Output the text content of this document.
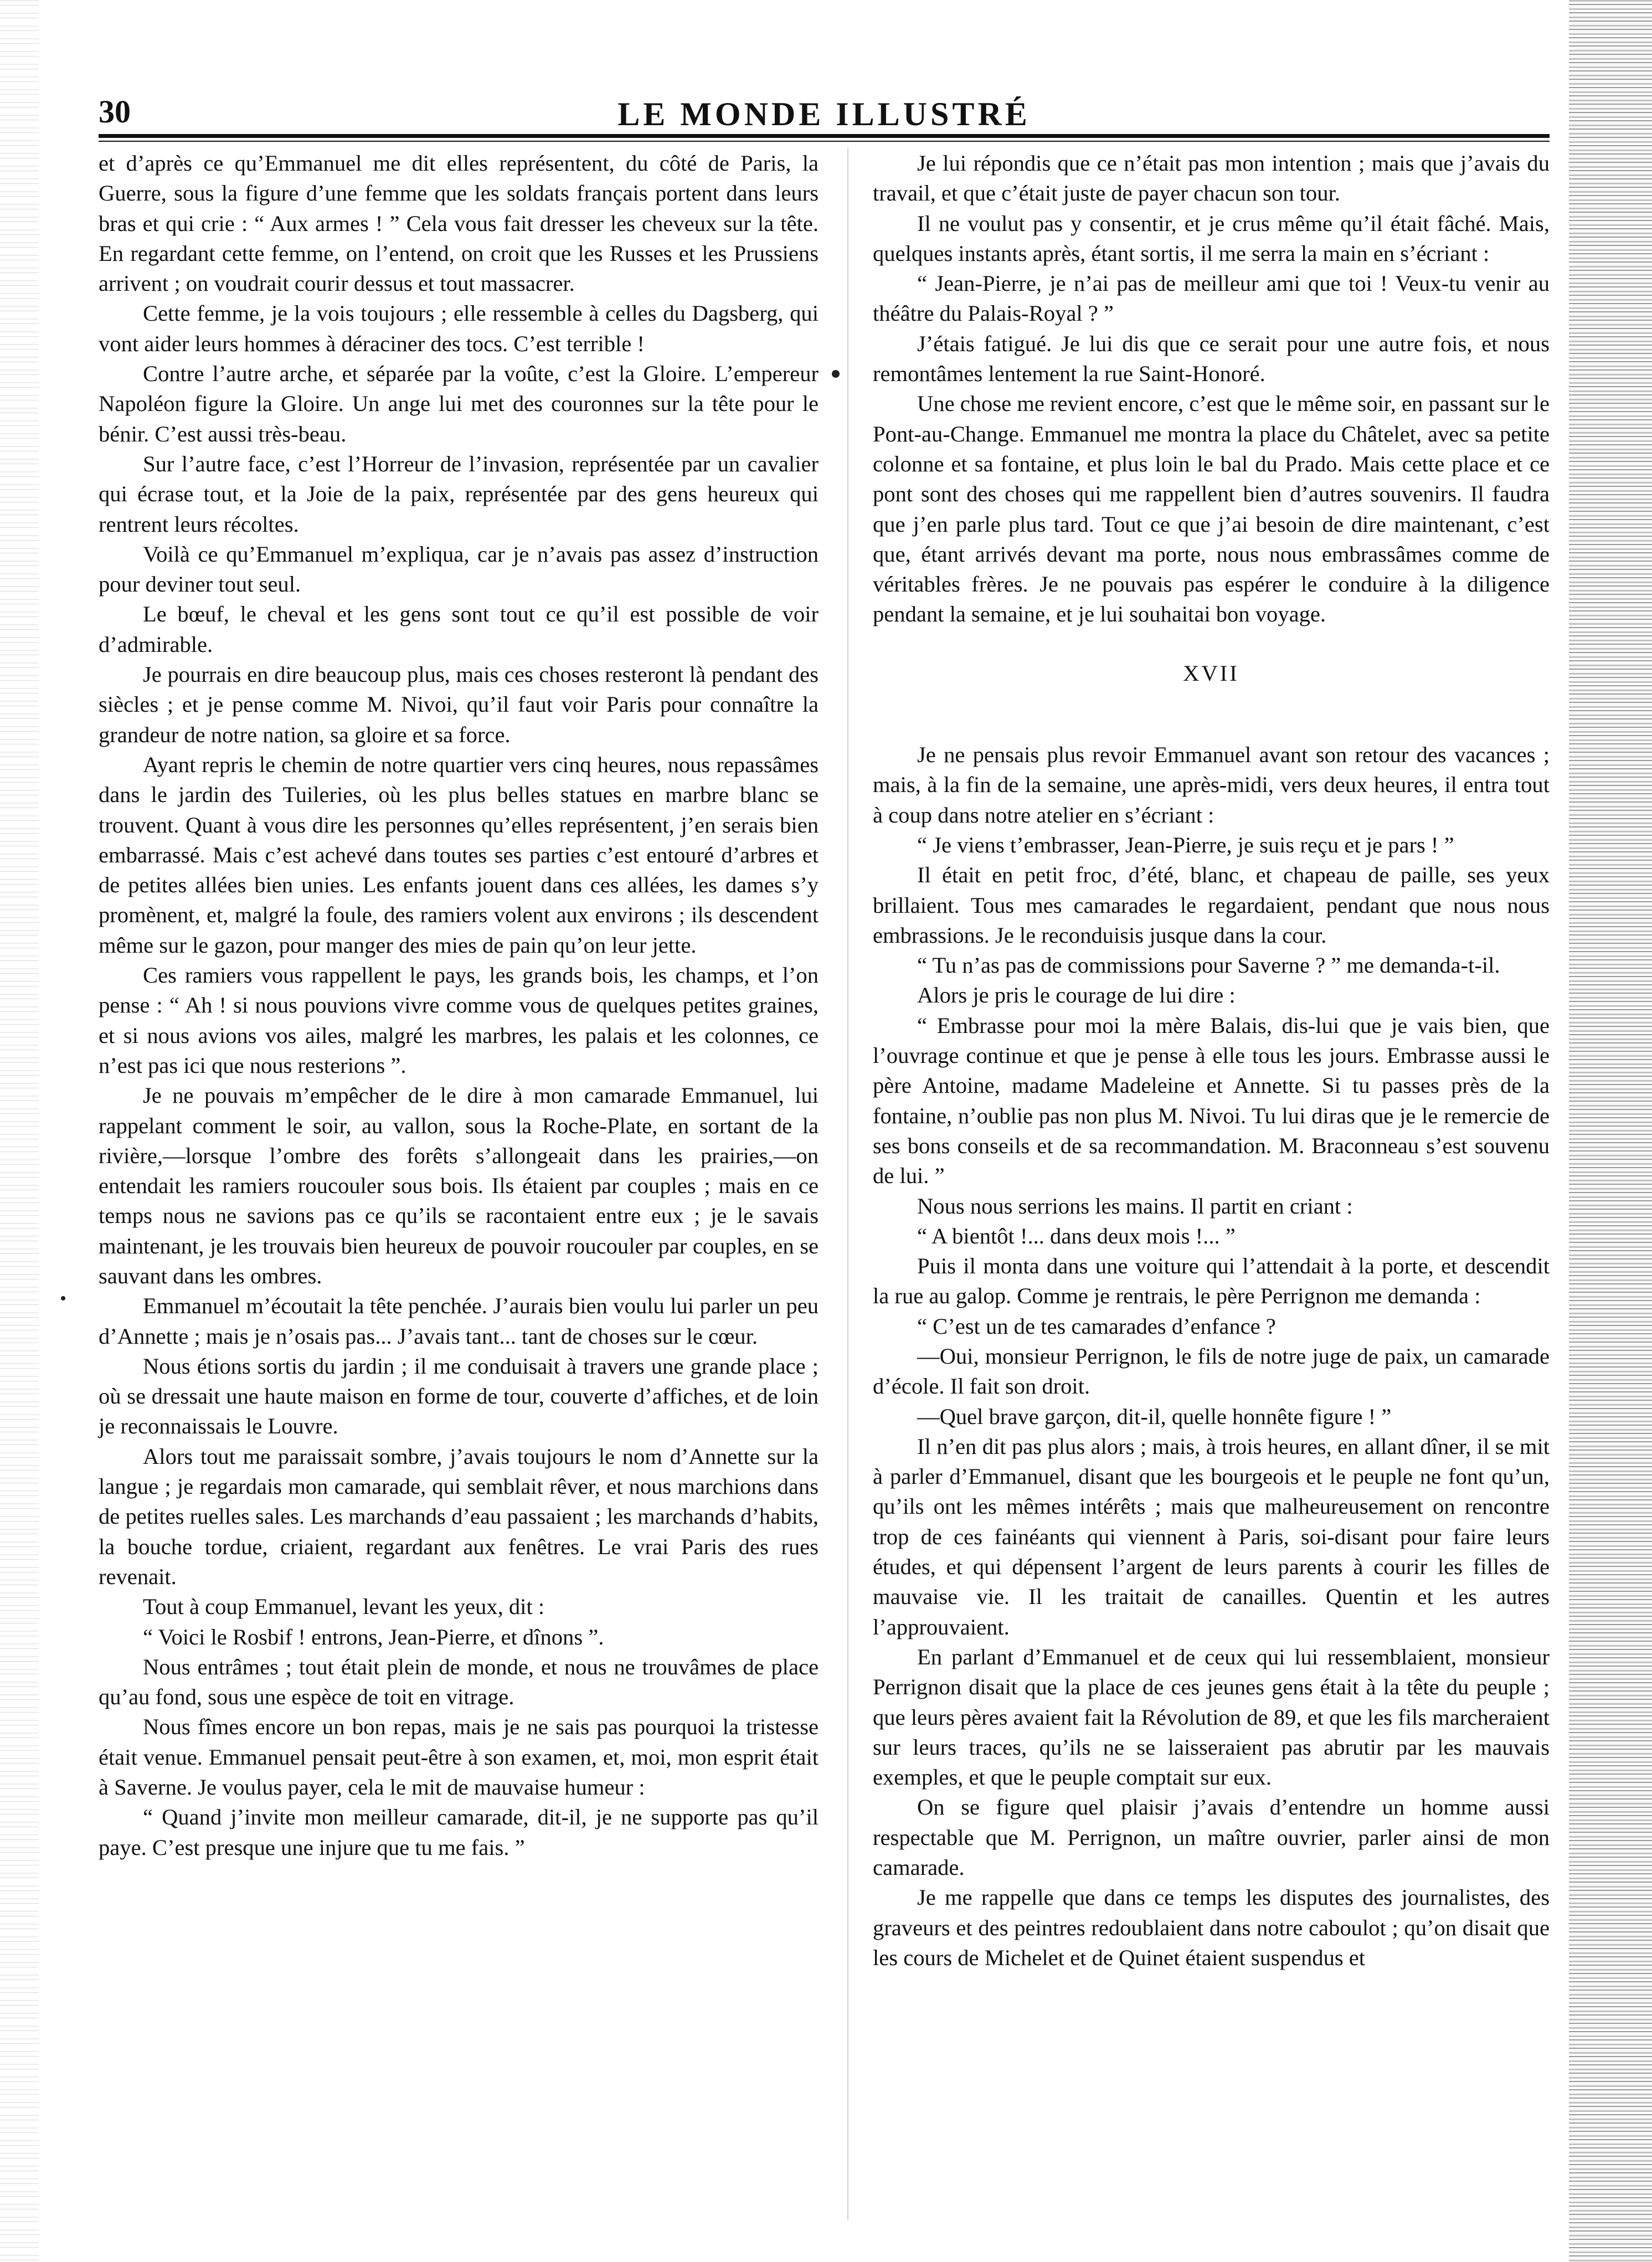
30	LE MONDE ILLUSTRÉ

et d’après ce qu’Emmanuel me dit elles représentent, du côté de Paris, la Guerre, sous la figure d’une femme que les soldats français portent dans leurs bras et qui crie : “ Aux armes ! ” Cela vous fait dresser les cheveux sur la tête. En regardant cette femme, on l’entend, on croit que les Russes et les Prussiens arrivent ; on voudrait courir dessus et tout massacrer.

Cette femme, je la vois toujours ; elle ressemble à celles du Dagsberg, qui vont aider leurs hommes à déraciner des tocs. C’est terrible !

Contre l’autre arche, et séparée par la voûte, c’est la Gloire. L’empereur Napoléon figure la Gloire. Un ange lui met des couronnes sur la tête pour le bénir. C’est aussi très-beau.

Sur l’autre face, c’est l’Horreur de l’invasion, représentée par un cavalier qui écrase tout, et la Joie de la paix, représentée par des gens heureux qui rentrent leurs récoltes.

Voilà ce qu’Emmanuel m’expliqua, car je n’avais pas assez d’instruction pour deviner tout seul.

Le bœuf, le cheval et les gens sont tout ce qu’il est possible de voir d’admirable.

Je pourrais en dire beaucoup plus, mais ces choses resteront là pendant des siècles ; et je pense comme M. Nivoi, qu’il faut voir Paris pour connaître la grandeur de notre nation, sa gloire et sa force.

Ayant repris le chemin de notre quartier vers cinq heures, nous repassâmes dans le jardin des Tuileries, où les plus belles statues en marbre blanc se trouvent. Quant à vous dire les personnes qu’elles représentent, j’en serais bien embarrassé. Mais c’est achevé dans toutes ses parties c’est entouré d’arbres et de petites allées bien unies. Les enfants jouent dans ces allées, les dames s’y promènent, et, malgré la foule, des ramiers volent aux environs ; ils descendent même sur le gazon, pour manger des mies de pain qu’on leur jette.

Ces ramiers vous rappellent le pays, les grands bois, les champs, et l’on pense : “ Ah ! si nous pouvions vivre comme vous de quelques petites graines, et si nous avions vos ailes, malgré les marbres, les palais et les colonnes, ce n’est pas ici que nous resterions ”.

Je ne pouvais m’empêcher de le dire à mon camarade Emmanuel, lui rappelant comment le soir, au vallon, sous la Roche-Plate, en sortant de la rivière,—lorsque l’ombre des forêts s’allongeait dans les prairies,—on entendait les ramiers roucouler sous bois. Ils étaient par couples ; mais en ce temps nous ne savions pas ce qu’ils se racontaient entre eux ; je le savais maintenant, je les trouvais bien heureux de pouvoir roucouler par couples, en se sauvant dans les ombres.

Emmanuel m’écoutait la tête penchée. J’aurais bien voulu lui parler un peu d’Annette ; mais je n’osais pas... J’avais tant... tant de choses sur le cœur.

Nous étions sortis du jardin ; il me conduisait à travers une grande place ; où se dressait une haute maison en forme de tour, couverte d’affiches, et de loin je reconnaissais le Louvre.

Alors tout me paraissait sombre, j’avais toujours le nom d’Annette sur la langue ; je regardais mon camarade, qui semblait rêver, et nous marchions dans de petites ruelles sales. Les marchands d’eau passaient ; les marchands d’habits, la bouche tordue, criaient, regardant aux fenêtres. Le vrai Paris des rues revenait.

Tout à coup Emmanuel, levant les yeux, dit :

“ Voici le Rosbif ! entrons, Jean-Pierre, et dînons ”.

Nous entrâmes ; tout était plein de monde, et nous ne trouvâmes de place qu’au fond, sous une espèce de toit en vitrage.

Nous fîmes encore un bon repas, mais je ne sais pas pourquoi la tristesse était venue. Emmanuel pensait peut-être à son examen, et, moi, mon esprit était à Saverne. Je voulus payer, cela le mit de mauvaise humeur :

“ Quand j’invite mon meilleur camarade, dit-il, je ne supporte pas qu’il paye. C’est presque une injure que tu me fais. ”

Je lui répondis que ce n’était pas mon intention ; mais que j’avais du travail, et que c’était juste de payer chacun son tour.

Il ne voulut pas y consentir, et je crus même qu’il était fâché. Mais, quelques instants après, étant sortis, il me serra la main en s’écriant :

“ Jean-Pierre, je n’ai pas de meilleur ami que toi ! Veux-tu venir au théâtre du Palais-Royal ? ”

J’étais fatigué. Je lui dis que ce serait pour une autre fois, et nous remontâmes lentement la rue Saint-Honoré.

Une chose me revient encore, c’est que le même soir, en passant sur le Pont-au-Change. Emmanuel me montra la place du Châtelet, avec sa petite colonne et sa fontaine, et plus loin le bal du Prado. Mais cette place et ce pont sont des choses qui me rappellent bien d’autres souvenirs. Il faudra que j’en parle plus tard. Tout ce que j’ai besoin de dire maintenant, c’est que, étant arrivés devant ma porte, nous nous embrassâmes comme de véritables frères. Je ne pouvais pas espérer le conduire à la diligence pendant la semaine, et je lui souhaitai bon voyage.

XVII

Je ne pensais plus revoir Emmanuel avant son retour des vacances ; mais, à la fin de la semaine, une après-midi, vers deux heures, il entra tout à coup dans notre atelier en s’écriant :

“ Je viens t’embrasser, Jean-Pierre, je suis reçu et je pars ! ”

Il était en petit froc, d’été, blanc, et chapeau de paille, ses yeux brillaient. Tous mes camarades le regardaient, pendant que nous nous embrassions. Je le reconduisis jusque dans la cour.

“ Tu n’as pas de commissions pour Saverne ? ” me demanda-t-il.

Alors je pris le courage de lui dire :

“ Embrasse pour moi la mère Balais, dis-lui que je vais bien, que l’ouvrage continue et que je pense à elle tous les jours. Embrasse aussi le père Antoine, madame Madeleine et Annette. Si tu passes près de la fontaine, n’oublie pas non plus M. Nivoi. Tu lui diras que je le remercie de ses bons conseils et de sa recommandation. M. Braconneau s’est souvenu de lui. ”

Nous nous serrions les mains. Il partit en criant :

“ A bientôt !... dans deux mois !... ”

Puis il monta dans une voiture qui l’attendait à la porte, et descendit la rue au galop. Comme je rentrais, le père Perrignon me demanda :

“ C’est un de tes camarades d’enfance ?

—Oui, monsieur Perrignon, le fils de notre juge de paix, un camarade d’école. Il fait son droit.

—Quel brave garçon, dit-il, quelle honnête figure ! ”

Il n’en dit pas plus alors ; mais, à trois heures, en allant dîner, il se mit à parler d’Emmanuel, disant que les bourgeois et le peuple ne font qu’un, qu’ils ont les mêmes intérêts ; mais que malheureusement on rencontre trop de ces fainéants qui viennent à Paris, soi-disant pour faire leurs études, et qui dépensent l’argent de leurs parents à courir les filles de mauvaise vie. Il les traitait de canailles. Quentin et les autres l’approuvaient.

En parlant d’Emmanuel et de ceux qui lui ressemblaient, monsieur Perrignon disait que la place de ces jeunes gens était à la tête du peuple ; que leurs pères avaient fait la Révolution de 89, et que les fils marcheraient sur leurs traces, qu’ils ne se laisseraient pas abrutir par les mauvais exemples, et que le peuple comptait sur eux.

On se figure quel plaisir j’avais d’entendre un homme aussi respectable que M. Perrignon, un maître ouvrier, parler ainsi de mon camarade.

Je me rappelle que dans ce temps les disputes des journalistes, des graveurs et des peintres redoublaient dans notre caboulot ; qu’on disait que les cours de Michelet et de Quinet étaient suspendus et
